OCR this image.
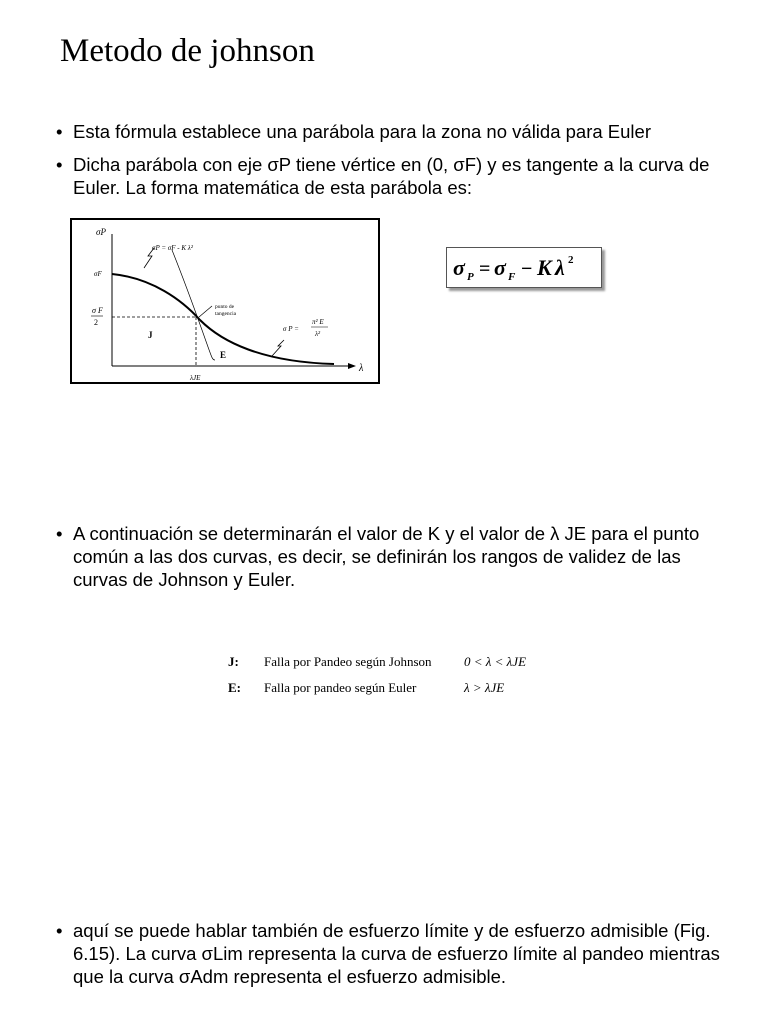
Metodo de johnson
• Esta fórmula establece una parábola para la zona no válida para Euler
• Dicha parábola con eje σP tiene vértice en (0, σF) y es tangente a la curva de Euler. La forma matemática de esta parábola es:
σP
σF
σ F
2
σP = σF - K λ²
punto de
tangencia
σ P =
π² E
λ²
J
E
λJE
λ
σ P = σ F − K λ 2
• A continuación se determinarán el valor de K y el valor de λ JE para el punto común a las dos curvas, es decir, se definirán los rangos de validez de las curvas de Johnson y Euler.
J: Falla por Pandeo según Johnson 0 < λ < λJE
E: Falla por pandeo según Euler	λ > λJE
• aquí se puede hablar también de esfuerzo límite y de esfuerzo admisible (Fig. 6.15). La curva σLim representa la curva de esfuerzo límite al pandeo mientras que la curva σAdm representa el esfuerzo admisible.
